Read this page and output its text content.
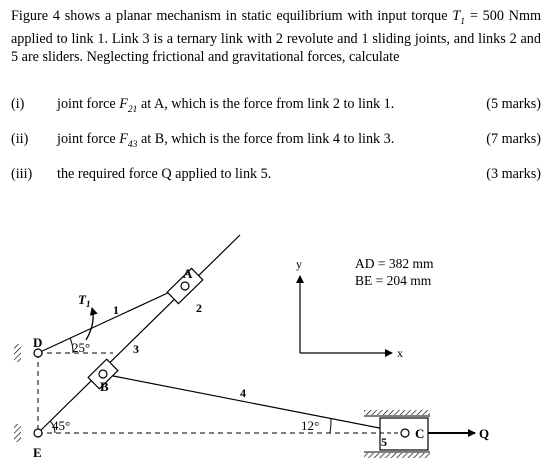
Figure 4 shows a planar mechanism in static equilibrium with input torque $T_1 = 500$ Nmm applied to link 1. Link 3 is a ternary link with 2 revolute and 1 sliding joints, and links 2 and 5 are sliders. Neglecting frictional and gravitational forces, calculate

(i) joint force $F_{21}$ at A, which is the force from link 2 to link 1.	(5 marks)
(ii) joint force $F_{43}$ at B, which is the force from link 4 to link 3.	(7 marks)
(iii) the required force Q applied to link 5.	(3 marks)
A
B
C
D
E
1	2
3
4
5
25°
45°	12°
$T_1$
Q
y
x
AD = 382 mm
BE = 204 mm
